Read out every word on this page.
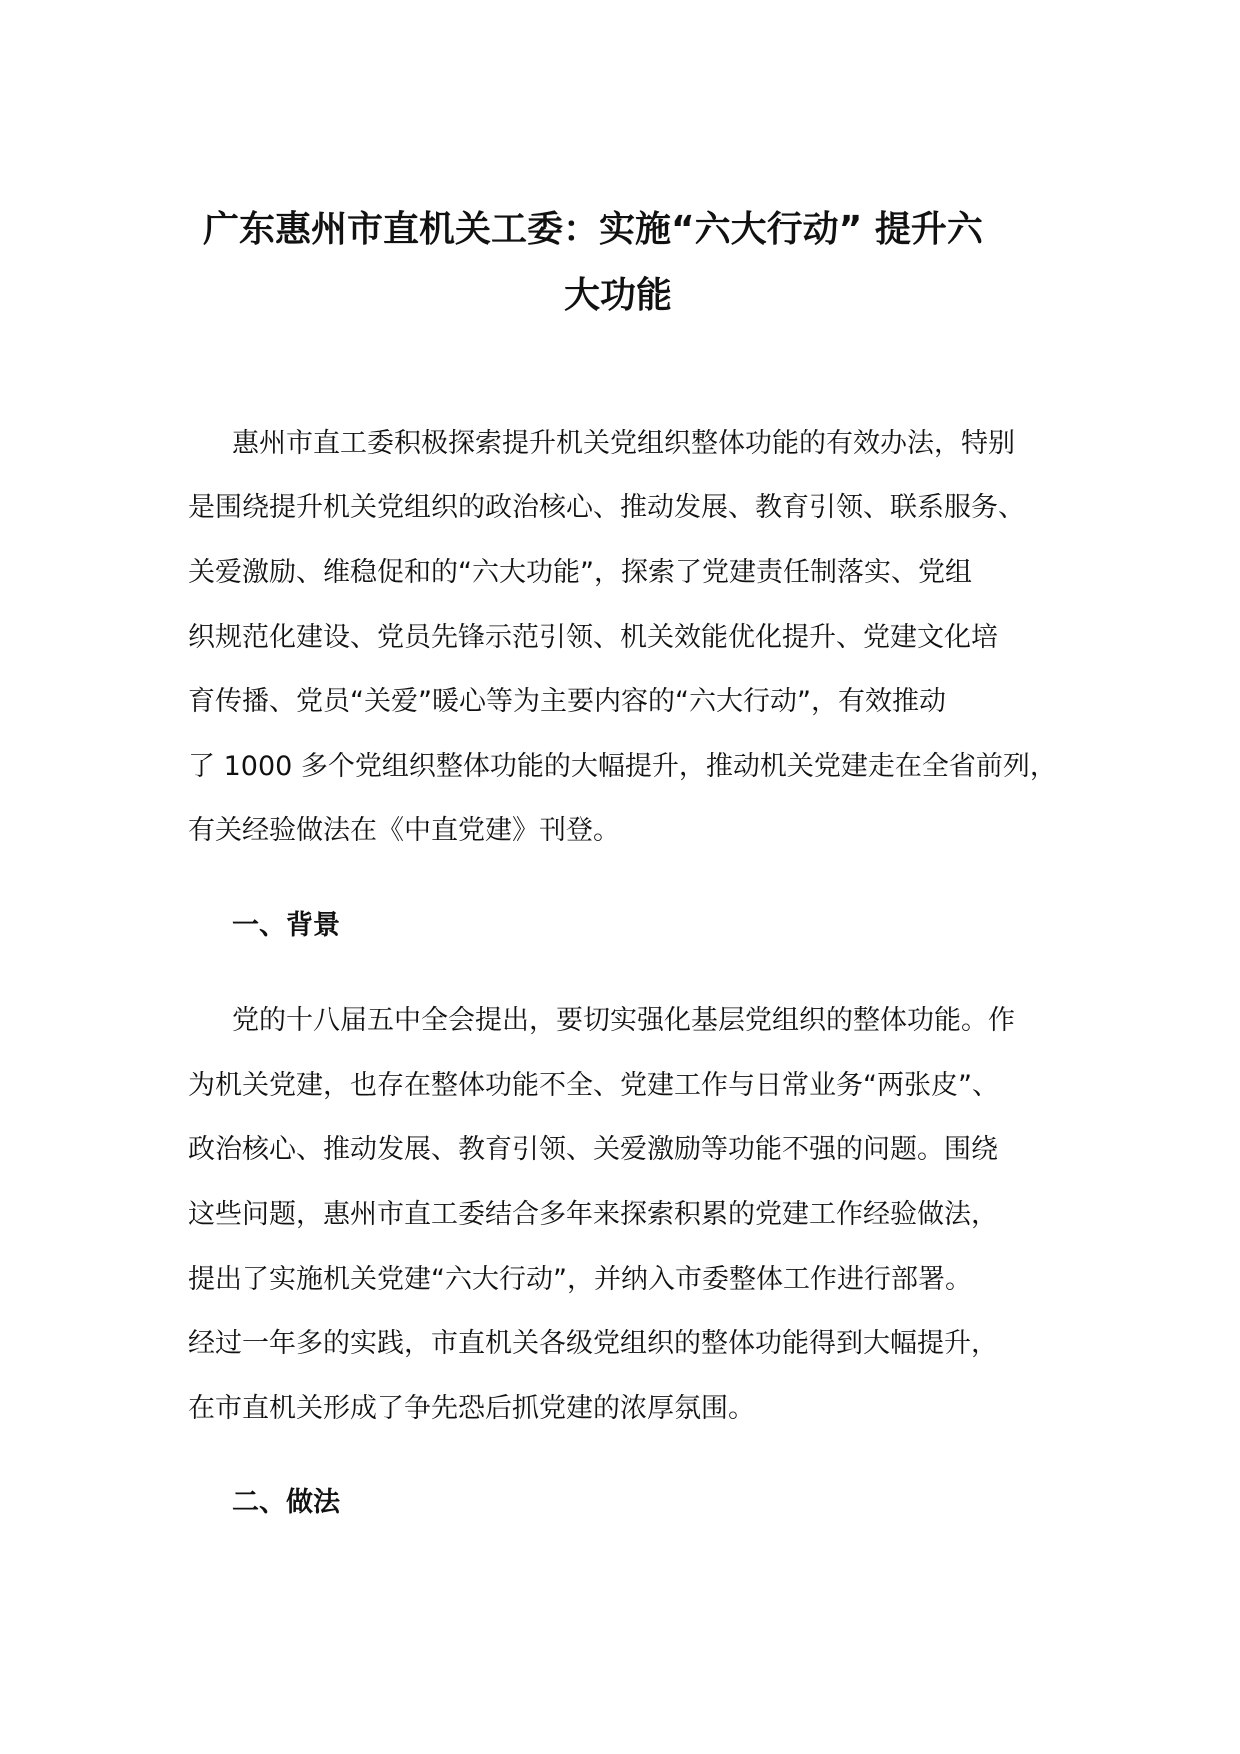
广东惠州市直机关工委：实施“六大行动” 提升六
大功能

惠州市直工委积极探索提升机关党组织整体功能的有效办法，特别

是围绕提升机关党组织的政治核心、推动发展、教育引领、联系服务、

关爱激励、维稳促和的“六大功能”，探索了党建责任制落实、党组

织规范化建设、党员先锋示范引领、机关效能优化提升、党建文化培

育传播、党员“关爱”暖心等为主要内容的“六大行动”，有效推动

了 1000 多个党组织整体功能的大幅提升，推动机关党建走在全省前列，

有关经验做法在《中直党建》刊登。

一、背景

党的十八届五中全会提出，要切实强化基层党组织的整体功能。作

为机关党建，也存在整体功能不全、党建工作与日常业务“两张皮”、

政治核心、推动发展、教育引领、关爱激励等功能不强的问题。围绕

这些问题，惠州市直工委结合多年来探索积累的党建工作经验做法，

提出了实施机关党建“六大行动”，并纳入市委整体工作进行部署。

经过一年多的实践，市直机关各级党组织的整体功能得到大幅提升，

在市直机关形成了争先恐后抓党建的浓厚氛围。

二、做法
